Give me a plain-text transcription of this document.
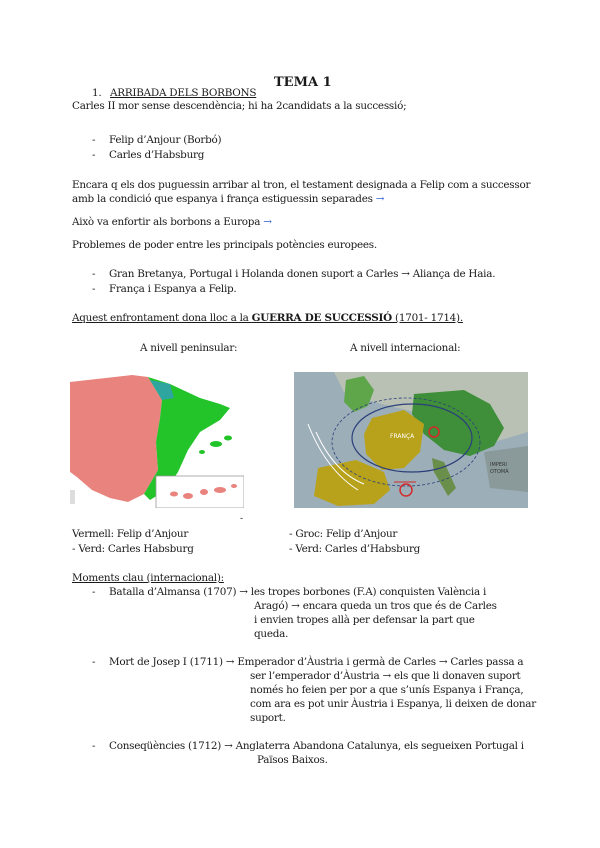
TEMA 1
1. ARRIBADA DELS BORBONS
Carles II mor sense descendència; hi ha 2candidats a la successió;
- Felip d’Anjour (Borbó)
- Carles d’Habsburg
Encara q els dos puguessin arribar al tron, el testament designada a Felip com a successor
amb la condició que espanya i frança estiguessin separades →
Això va enfortir als borbons a Europa →
Problemes de poder entre les principals potències europees.
- Gran Bretanya, Portugal i Holanda donen suport a Carles → Aliança de Haia.
- França i Espanya a Felip.
Aquest enfrontament dona lloc a la GUERRA DE SUCCESSIÓ (1701- 1714).
A nivell peninsular:	A nivell internacional:
-
FRANÇA
IMPERI
OTOMÀ
Vermell: Felip d’Anjour
- Verd: Carles Habsburg
- Groc: Felip d’Anjour
- Verd: Carles d’Habsburg
Moments clau (internacional):
- Batalla d’Almansa (1707) → les tropes borbones (F.A) conquisten València i
Aragó) → encara queda un tros que és de Carles
i envien tropes allà per defensar la part que
queda.
- Mort de Josep I (1711) → Emperador d’Àustria i germà de Carles → Carles passa a
ser l’emperador d’Àustria → els que li donaven suport
només ho feien per por a que s’unís Espanya i França,
com ara es pot unir Àustria i Espanya, li deixen de donar
suport.
- Conseqüències (1712) → Anglaterra Abandona Catalunya, els segueixen Portugal i
Països Baixos.
